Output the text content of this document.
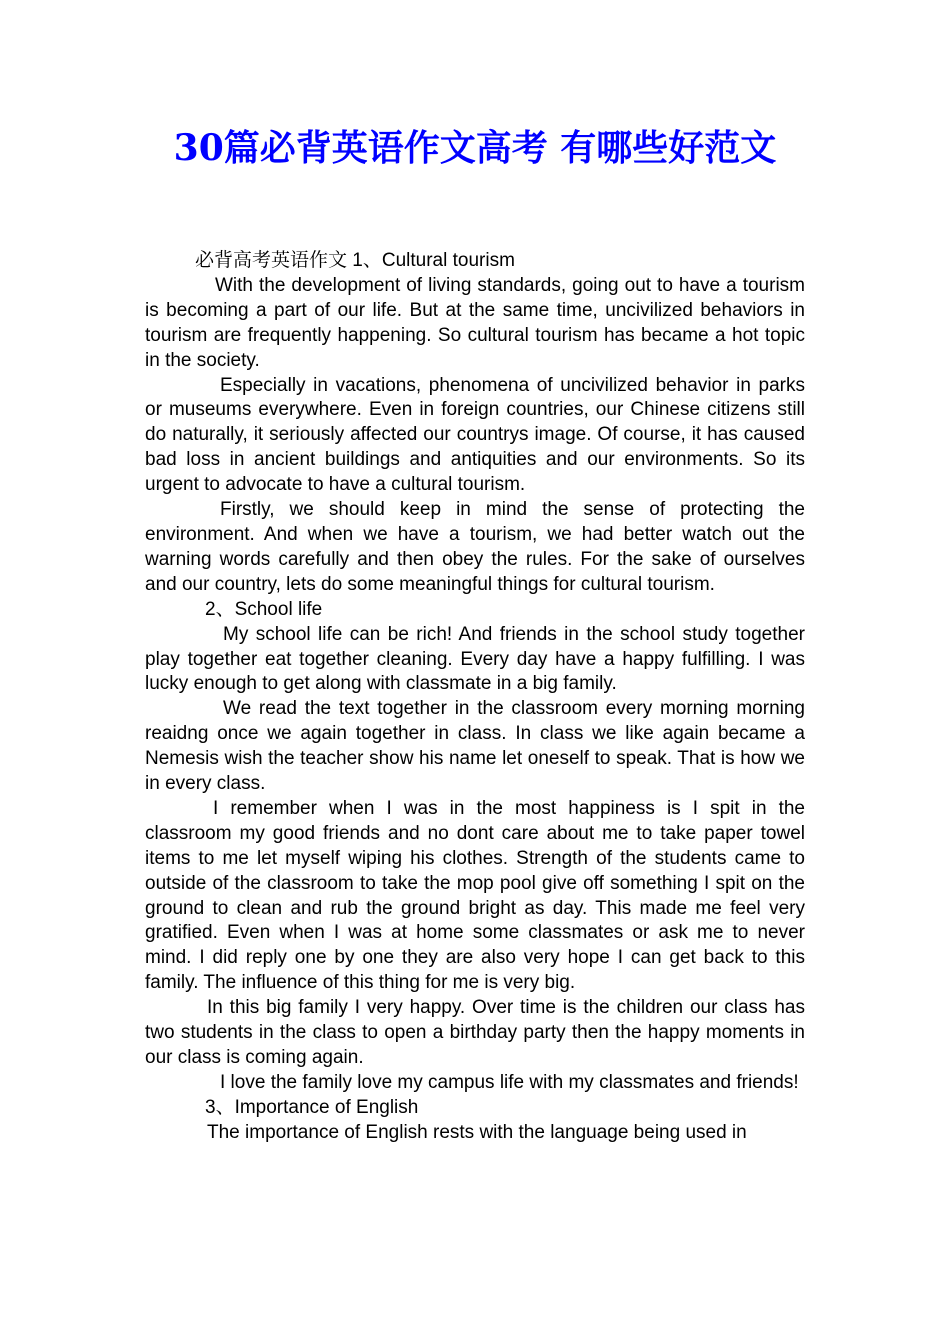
30篇必背英语作文高考 有哪些好范文

必背高考英语作文 1、Cultural tourism

With the development of living standards, going out to have a tourism is becoming a part of our life. But at the same time, uncivilized behaviors in tourism are frequently happening. So cultural tourism has became a hot topic in the society.

Especially in vacations, phenomena of uncivilized behavior in parks or museums everywhere. Even in foreign countries, our Chinese citizens still do naturally, it seriously affected our countrys image. Of course, it has caused bad loss in ancient buildings and antiquities and our environments. So its urgent to advocate to have a cultural tourism.

Firstly, we should keep in mind the sense of protecting the environment. And when we have a tourism, we had better watch out the warning words carefully and then obey the rules. For the sake of ourselves and our country, lets do some meaningful things for cultural tourism.

2、School life

My school life can be rich! And friends in the school study together play together eat together cleaning. Every day have a happy fulfilling. I was lucky enough to get along with classmate in a big family.

We read the text together in the classroom every morning morning reaidng once we again together in class. In class we like again became a Nemesis wish the teacher show his name let oneself to speak. That is how we in every class.

I remember when I was in the most happiness is I spit in the classroom my good friends and no dont care about me to take paper towel items to me let myself wiping his clothes. Strength of the students came to outside of the classroom to take the mop pool give off something I spit on the ground to clean and rub the ground bright as day. This made me feel very gratified. Even when I was at home some classmates or ask me to never mind. I did reply one by one they are also very hope I can get back to this family. The influence of this thing for me is very big.

In this big family I very happy. Over time is the children our class has two students in the class to open a birthday party then the happy moments in our class is coming again.

I love the family love my campus life with my classmates and friends!

3、Importance of English

The importance of English rests with the language being used in
